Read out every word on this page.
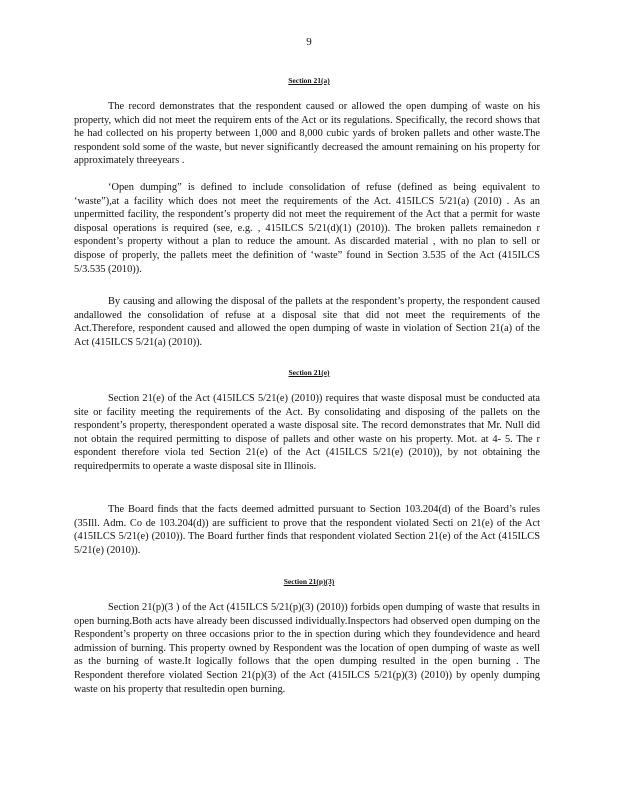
9
Section 21(a)

The record demonstrates that the respondent caused or allowed the open dumping of waste on his property, which did not meet the requirem ents of the Act or its regulations. Specifically, the record shows that he had collected on his property between 1,000 and 8,000 cubic yards of broken pallets and other waste.The respondent sold some of the waste, but never significantly decreased the amount remaining on his property for approximately threeyears .

‘Open dumping” is defined to include consolidation of refuse (defined as being equivalent to ‘waste”),at a facility which does not meet the requirements of the Act. 415ILCS 5/21(a) (2010) . As an unpermitted facility, the respondent’s property did not meet the requirement of the Act that a permit for waste disposal operations is required (see, e.g. , 415ILCS 5/21(d)(1) (2010)). The broken pallets remainedon r espondent’s property without a plan to reduce the amount. As discarded material , with no plan to sell or dispose of properly, the pallets meet the definition of ‘waste” found in Section 3.535 of the Act (415ILCS 5/3.535 (2010)).

By causing and allowing the disposal of the pallets at the respondent’s property, the respondent caused andallowed the consolidation of refuse at a disposal site that did not meet the requirements of the Act.Therefore, respondent caused and allowed the open dumping of waste in violation of Section 21(a) of the Act (415ILCS 5/21(a) (2010)).

Section 21(e)

Section 21(e) of the Act (415ILCS 5/21(e) (2010)) requires that waste disposal must be conducted ata site or facility meeting the requirements of the Act. By consolidating and disposing of the pallets on the respondent’s property, therespondent operated a waste disposal site. The record demonstrates that Mr. Null did not obtain the required permitting to dispose of pallets and other waste on his property. Mot. at 4- 5. The r espondent therefore viola ted Section 21(e) of the Act (415ILCS 5/21(e) (2010)), by not obtaining the requiredpermits to operate a waste disposal site in Illinois.

The Board finds that the facts deemed admitted pursuant to Section 103.204(d) of the Board’s rules (35Ill. Adm. Co de 103.204(d)) are sufficient to prove that the respondent violated Secti on 21(e) of the Act (415ILCS 5/21(e) (2010)). The Board further finds that respondent violated Section 21(e) of the Act (415ILCS 5/21(e) (2010)).

Section 21(p)(3)

Section 21(p)(3 ) of the Act (415ILCS 5/21(p)(3) (2010)) forbids open dumping of waste that results in open burning.Both acts have already been discussed individually.Inspectors had observed open dumping on the Respondent’s property on three occasions prior to the in spection during which they foundevidence and heard admission of burning. This property owned by Respondent was the location of open dumping of waste as well as the burning of waste.It logically follows that the open dumping resulted in the open burning . The Respondent therefore violated Section 21(p)(3) of the Act (415ILCS 5/21(p)(3) (2010)) by openly dumping waste on his property that resultedin open burning.
